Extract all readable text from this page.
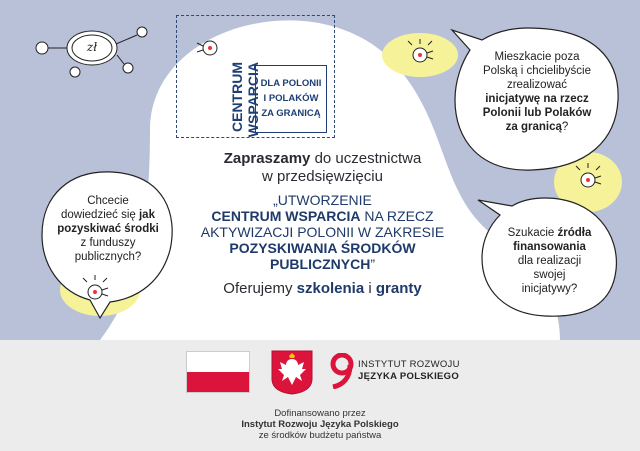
zł
CENTRUM WSPARCIA DLA POLONII
I POLAKÓW
ZA GRANICĄ
Zapraszamy do uczestnictwa
w przedsięwzięciu
„UTWORZENIE
CENTRUM WSPARCIA NA RZECZ
AKTYWIZACJI POLONII W ZAKRESIE
POZYSKIWANIA ŚRODKÓW
PUBLICZNYCH”
Oferujemy szkolenia i granty
Mieszkacie poza
Polską i chcielibyście
zrealizować
inicjatywę na rzecz
Polonii lub Polaków
za granicą?
Chcecie
dowiedzieć się jak
pozyskiwać środki
z funduszy
publicznych?
Szukacie źródła
finansowania
dla realizacji
swojej
inicjatywy?
INSTYTUT ROZWOJU
JĘZYKA POLSKIEGO
Dofinansowano przez
Instytut Rozwoju Języka Polskiego
ze środków budżetu państwa
